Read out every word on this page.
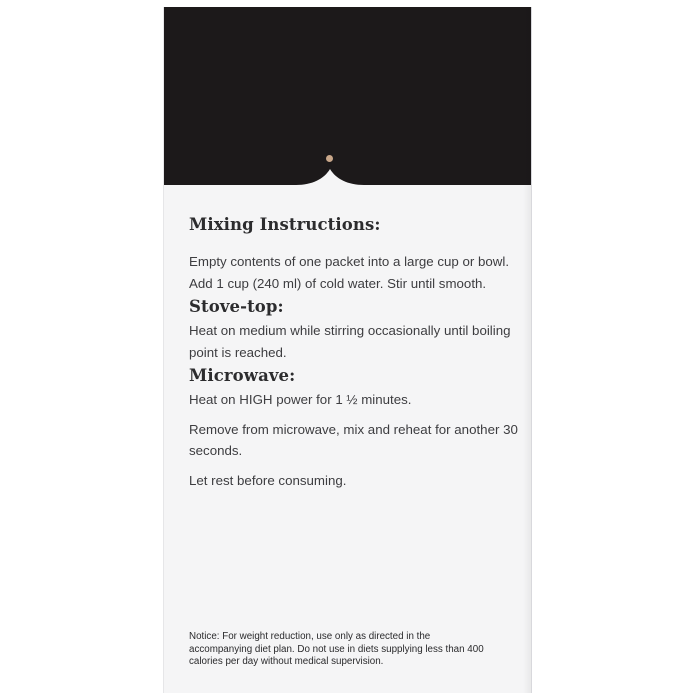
Mixing Instructions:

Empty contents of one packet into a large cup or bowl. Add 1 cup (240 ml) of cold water. Stir until smooth.

Stove-top:

Heat on medium while stirring occasionally until boiling point is reached.

Microwave:

Heat on HIGH power for 1 ½ minutes.

Remove from microwave, mix and reheat for another 30 seconds.

Let rest before consuming.

Notice: For weight reduction, use only as directed in the accompanying diet plan. Do not use in diets supplying less than 400 calories per day without medical supervision.
